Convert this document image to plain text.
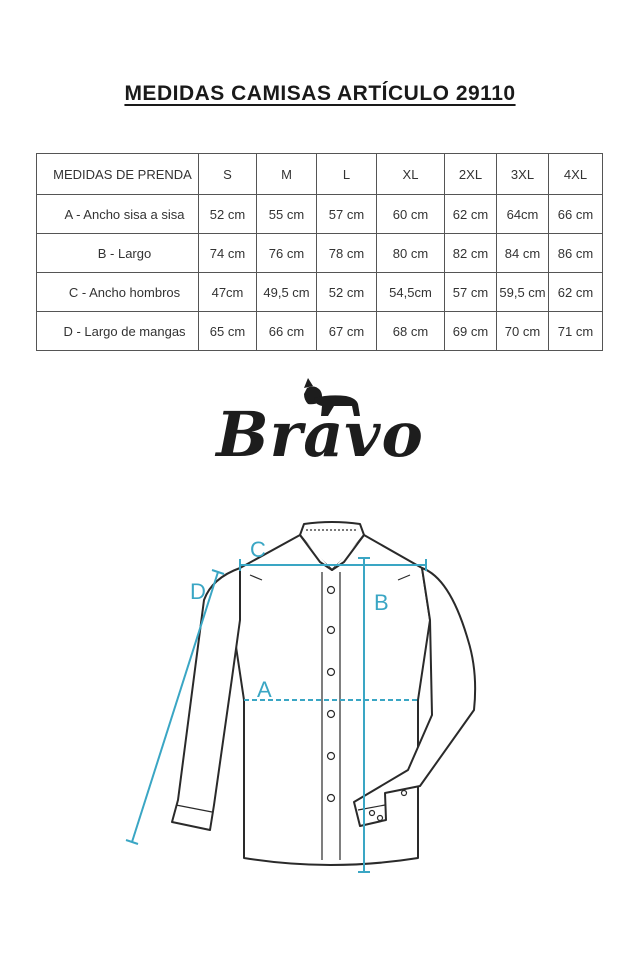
MEDIDAS CAMISAS ARTÍCULO 29110
MEDIDAS DE PRENDA	S	M	L	XL	2XL	3XL	4XL
A - Ancho sisa a sisa	52 cm	55 cm	57 cm	60 cm	62 cm	64cm	66 cm
B - Largo	74 cm	76 cm	78 cm	80 cm	82 cm	84 cm	86 cm
C - Ancho hombros	47cm	49,5 cm	52 cm	54,5cm	57 cm	59,5 cm	62 cm
D - Largo de mangas	65 cm	66 cm	67 cm	68 cm	69 cm	70 cm	71 cm
Bravo
C
B
A
D
